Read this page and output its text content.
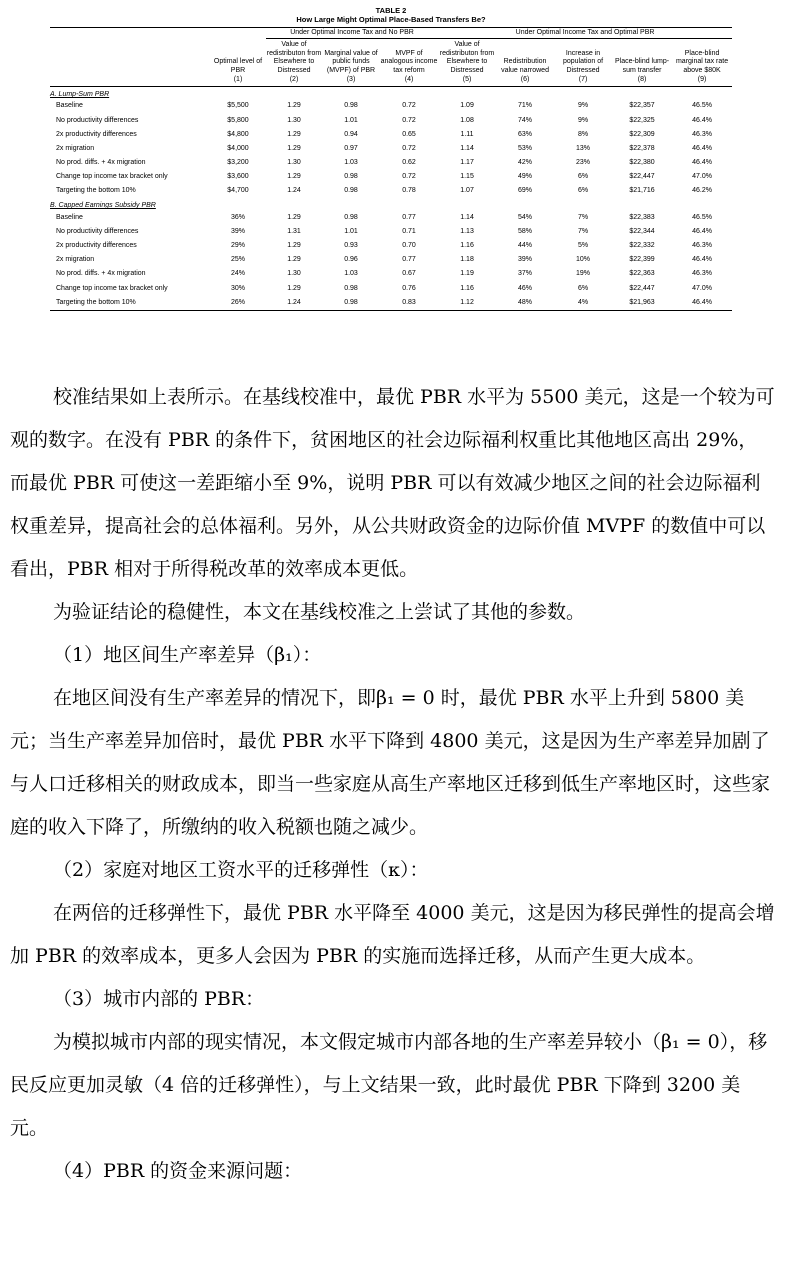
TABLE 2
How Large Might Optimal Place-Based Transfers Be?
		Under Optimal Income Tax and No PBR			Under Optimal Income Tax and Optimal PBR				
	Optimal level of PBR	Value of redistributon from Elsewhere to Distressed	Marginal value of public funds (MVPF) of PBR	MVPF of analogous income tax reform	Value of redistributon from Elsewhere to Distressed	Redistribution value narrowed	Increase in population of Distressed	Place-blind lump-sum transfer	Place-blind marginal tax rate above $80K
	(1)	(2)	(3)	(4)	(5)	(6)	(7)	(8)	(9)
A. Lump-Sum PBR									
Baseline	$5,500	1.29	0.98	0.72	1.09	71%	9%	$22,357	46.5%
No productivity differences	$5,800	1.30	1.01	0.72	1.08	74%	9%	$22,325	46.4%
2x productivity differences	$4,800	1.29	0.94	0.65	1.11	63%	8%	$22,309	46.3%
2x migration	$4,000	1.29	0.97	0.72	1.14	53%	13%	$22,378	46.4%
No prod. diffs. + 4x migration	$3,200	1.30	1.03	0.62	1.17	42%	23%	$22,380	46.4%
Change top income tax bracket only	$3,600	1.29	0.98	0.72	1.15	49%	6%	$22,447	47.0%
Targeting the bottom 10%	$4,700	1.24	0.98	0.78	1.07	69%	6%	$21,716	46.2%
B. Capped Earnings Subsidy PBR									
Baseline	36%	1.29	0.98	0.77	1.14	54%	7%	$22,383	46.5%
No productivity differences	39%	1.31	1.01	0.71	1.13	58%	7%	$22,344	46.4%
2x productivity differences	29%	1.29	0.93	0.70	1.16	44%	5%	$22,332	46.3%
2x migration	25%	1.29	0.96	0.77	1.18	39%	10%	$22,399	46.4%
No prod. diffs. + 4x migration	24%	1.30	1.03	0.67	1.19	37%	19%	$22,363	46.3%
Change top income tax bracket only	30%	1.29	0.98	0.76	1.16	46%	6%	$22,447	47.0%
Targeting the bottom 10%	26%	1.24	0.98	0.83	1.12	48%	4%	$21,963	46.4%

校准结果如上表所示。在基线校准中，最优 PBR 水平为 5500 美元，这是一个较为可观的数字。在没有 PBR 的条件下，贫困地区的社会边际福利权重比其他地区高出 29%，而最优 PBR 可使这一差距缩小至 9%，说明 PBR 可以有效减少地区之间的社会边际福利权重差异，提高社会的总体福利。另外，从公共财政资金的边际价值 MVPF 的数值中可以看出，PBR 相对于所得税改革的效率成本更低。

为验证结论的稳健性，本文在基线校准之上尝试了其他的参数。

（1）地区间生产率差异（β₁）：

在地区间没有生产率差异的情况下，即β₁ = 0 时，最优 PBR 水平上升到 5800 美元；当生产率差异加倍时，最优 PBR 水平下降到 4800 美元，这是因为生产率差异加剧了与人口迁移相关的财政成本，即当一些家庭从高生产率地区迁移到低生产率地区时，这些家庭的收入下降了，所缴纳的收入税额也随之减少。

（2）家庭对地区工资水平的迁移弹性（κ）：

在两倍的迁移弹性下，最优 PBR 水平降至 4000 美元，这是因为移民弹性的提高会增加 PBR 的效率成本，更多人会因为 PBR 的实施而选择迁移，从而产生更大成本。

（3）城市内部的 PBR：

为模拟城市内部的现实情况，本文假定城市内部各地的生产率差异较小（β₁ = 0），移民反应更加灵敏（4 倍的迁移弹性），与上文结果一致，此时最优 PBR 下降到 3200 美元。

（4）PBR 的资金来源问题：
